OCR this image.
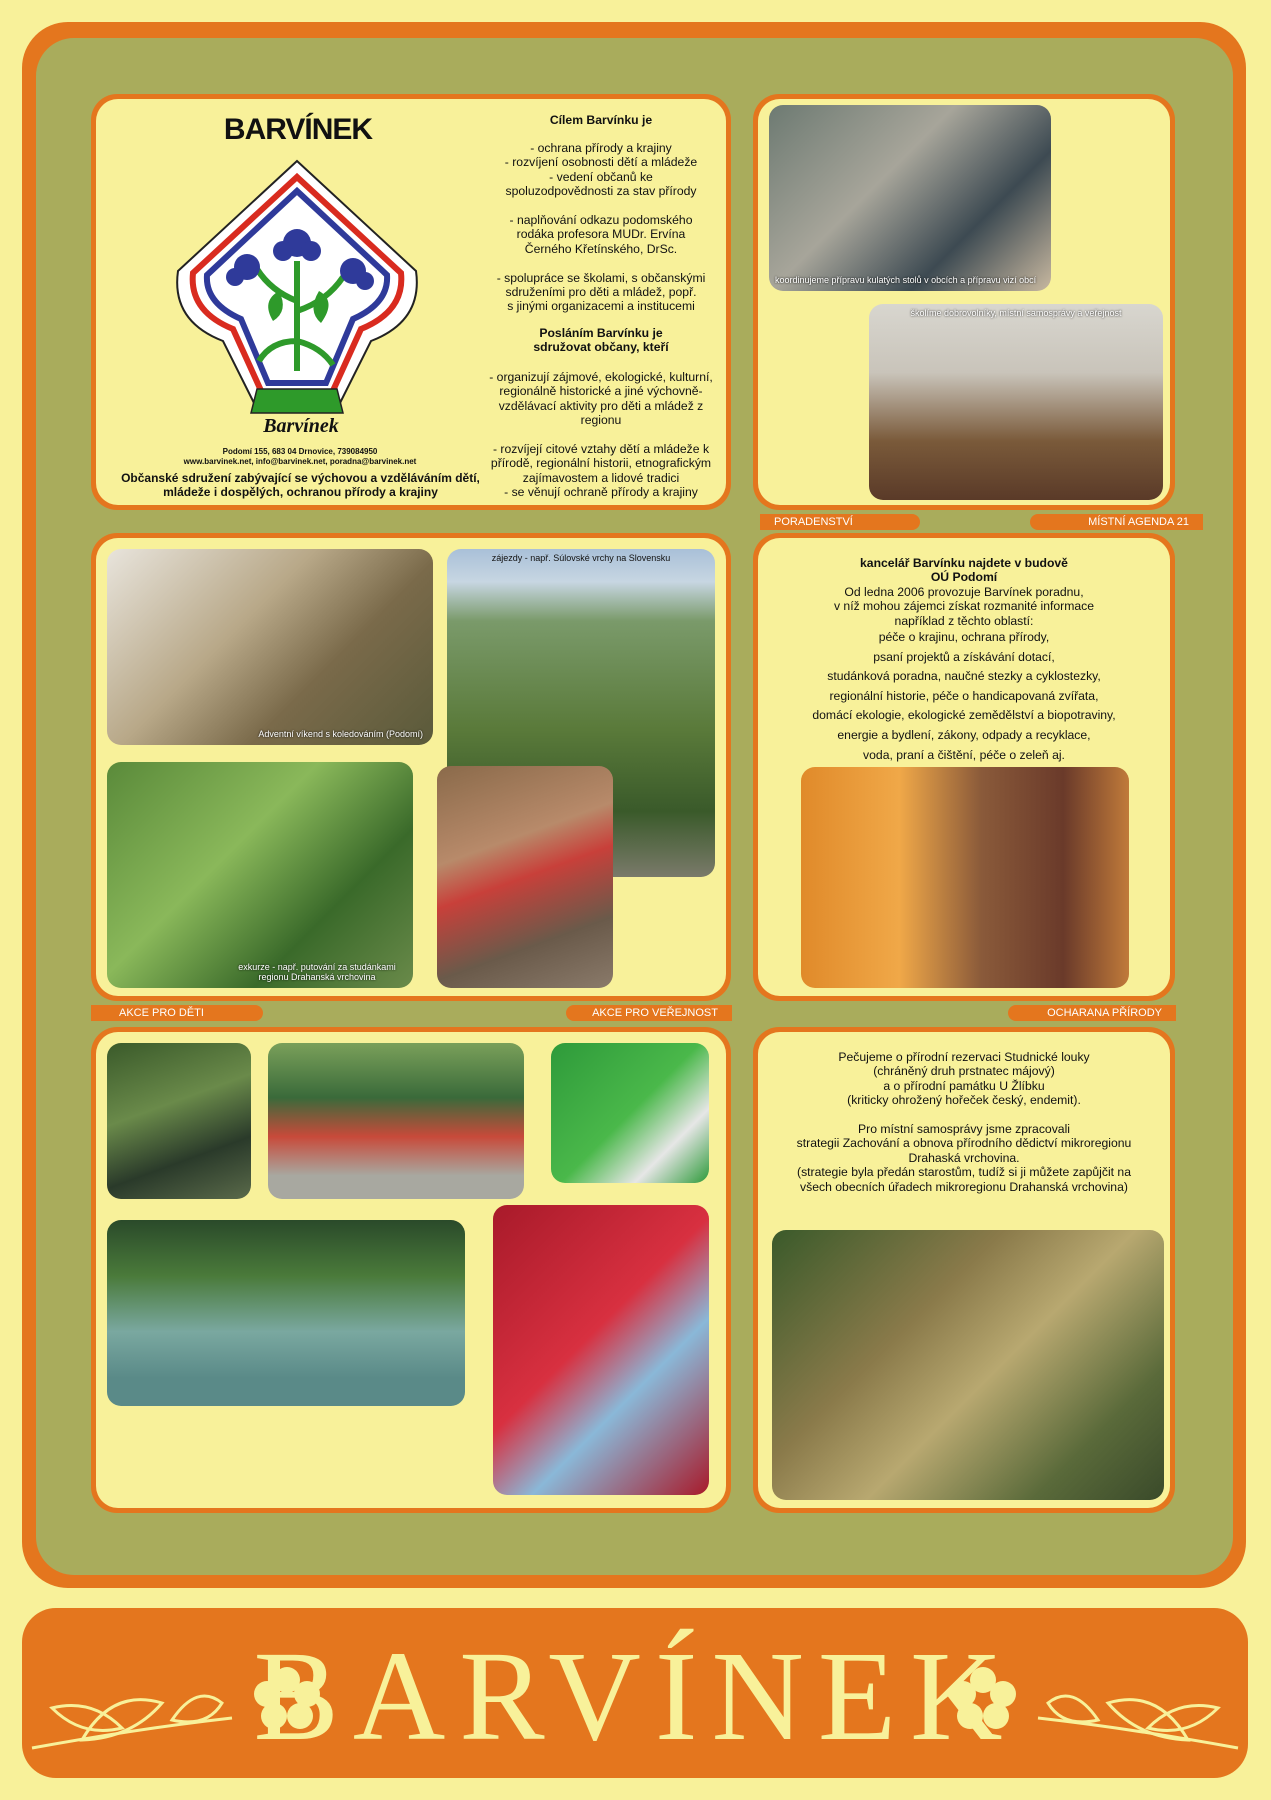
BARVÍNEK
Barvínek
Podomí 155, 683 04 Drnovice, 739084950
www.barvinek.net, info@barvinek.net, poradna@barvinek.net
Občanské sdružení zabývající se výchovou a vzděláváním dětí, mládeže i dospělých, ochranou přírody a krajiny
Cílem Barvínku je
- ochrana přírody a krajiny
- rozvíjení osobnosti dětí a mládeže
- vedení občanů ke
spoluzodpovědnosti za stav přírody

- naplňování odkazu podomského
rodáka profesora MUDr. Ervína
Černého Křetínského, DrSc.

- spolupráce se školami, s občanskými
sdruženími pro děti a mládež, popř.
s jinými organizacemi a institucemi
Posláním Barvínku je
sdružovat občany, kteří
- organizují zájmové, ekologické, kulturní,
regionálně historické a jiné výchovně-
vzdělávací aktivity pro děti a mládež z
regionu

- rozvíjejí citové vztahy dětí a mládeže k
přírodě, regionální historii, etnografickým
zajímavostem a lidové tradici
- se věnují ochraně přírody a krajiny
koordinujeme přípravu kulatých stolů v obcích a přípravu vizí obcí
školíme dobrovolníky, místní samosprávy a veřejnost
PORADENSTVÍ	MÍSTNÍ AGENDA 21
Adventní víkend s koledováním (Podomí)
zájezdy - např. Súlovské vrchy na Slovensku
exkurze - např. putování za studánkami regionu Drahanská vrchovina
kancelář Barvínku najdete v budově
OÚ Podomí
Od ledna 2006 provozuje Barvínek poradnu,
v níž mohou zájemci získat rozmanité informace
například z těchto oblastí:
péče o krajinu, ochrana přírody,
psaní projektů a získávání dotací,
studánková poradna, naučné stezky a cyklostezky,
regionální historie, péče o handicapovaná zvířata,
domácí ekologie, ekologické zemědělství a biopotraviny,
energie a bydlení, zákony, odpady a recyklace,
voda, praní a čištění, péče o zeleň aj.
AKCE PRO DĚTI	AKCE PRO VEŘEJNOST	OCHARANA PŘÍRODY
Pečujeme o přírodní rezervaci Studnické louky
(chráněný druh prstnatec májový)
a o přírodní památku U Žlíbku
(kriticky ohrožený hořeček český, endemit).

Pro místní samosprávy jsme zpracovali
strategii Zachování a obnova přírodního dědictví mikroregionu
Drahaská vrchovina.
(strategie byla předán starostům, tudíž si ji můžete zapůjčit na
všech obecních úřadech mikroregionu Drahanská vrchovina)
BARVÍNEK
